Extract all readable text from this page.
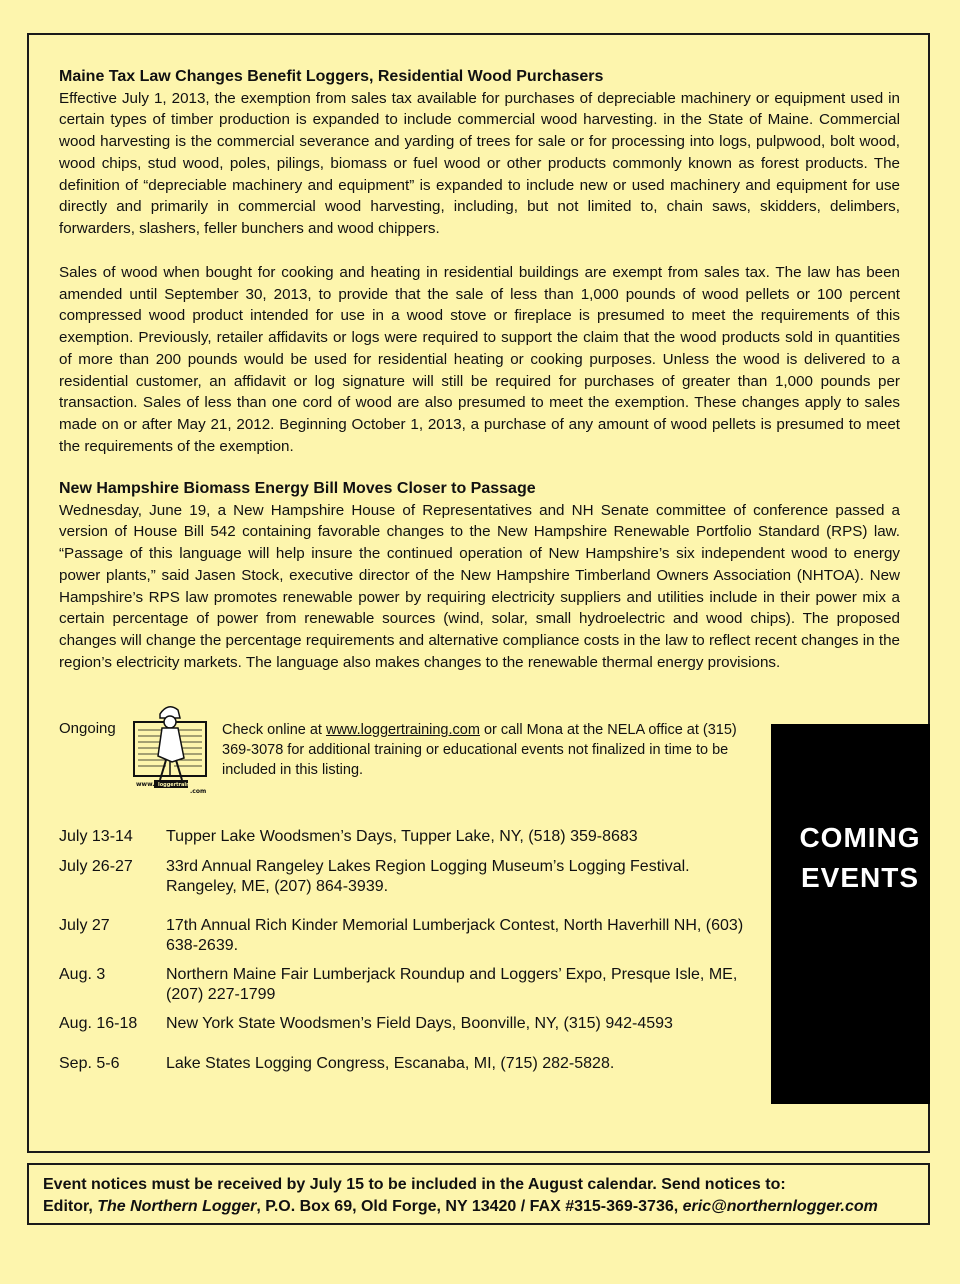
Maine Tax Law Changes Benefit Loggers, Residential Wood Purchasers

Effective July 1, 2013, the exemption from sales tax available for purchases of depreciable machinery or equipment used in certain types of timber production is expanded to include commercial wood harvesting. in the State of Maine. Commercial wood harvesting is the commercial severance and yarding of trees for sale or for processing into logs, pulpwood, bolt wood, wood chips, stud wood, poles, pilings, biomass or fuel wood or other products commonly known as forest products. The definition of “depreciable machinery and equipment” is expanded to include new or used machinery and equipment for use directly and primarily in commercial wood harvesting, including, but not limited to, chain saws, skidders, delimbers, forwarders, slashers, feller bunchers and wood chippers.

Sales of wood when bought for cooking and heating in residential buildings are exempt from sales tax. The law has been amended until September 30, 2013, to provide that the sale of less than 1,000 pounds of wood pellets or 100 percent compressed wood product intended for use in a wood stove or fireplace is presumed to meet the requirements of this exemption. Previously, retailer affidavits or logs were required to support the claim that the wood products sold in quantities of more than 200 pounds would be used for residential heating or cooking purposes. Unless the wood is delivered to a residential customer, an affidavit or log signature will still be required for purchases of greater than 1,000 pounds per transaction. Sales of less than one cord of wood are also presumed to meet the exemption. These changes apply to sales made on or after May 21, 2012. Beginning October 1, 2013, a purchase of any amount of wood pellets is presumed to meet the requirements of the exemption.

New Hampshire Biomass Energy Bill Moves Closer to Passage

Wednesday, June 19, a New Hampshire House of Representatives and NH Senate committee of conference passed a version of House Bill 542 containing favorable changes to the New Hampshire Renewable Portfolio Standard (RPS) law. “Passage of this language will help insure the continued operation of New Hampshire’s six independent wood to energy power plants,” said Jasen Stock, executive director of the New Hampshire Timberland Owners Association (NHTOA). New Hampshire’s RPS law promotes renewable power by requiring electricity suppliers and utilities include in their power mix a certain percentage of power from renewable sources (wind, solar, small hydroelectric and wood chips). The proposed changes will change the percentage requirements and alternative compliance costs in the law to reflect recent changes in the region’s electricity markets. The language also makes changes to the renewable thermal energy provisions.

Ongoing
www. loggertraining
.com
Check online at www.loggertraining.com or call Mona at the NELA office at (315) 369-3078 for additional training or educational events not finalized in time to be included in this listing.
COMING
EVENTS
July 13-14	Tupper Lake Woodsmen’s Days, Tupper Lake, NY, (518) 359-8683
July 26-27	33rd Annual Rangeley Lakes Region Logging Museum’s Logging Festival. Rangeley, ME, (207) 864-3939.
July 27	17th Annual Rich Kinder Memorial Lumberjack Contest, North Haverhill NH, (603) 638-2639.
Aug. 3	Northern Maine Fair Lumberjack Roundup and Loggers’ Expo, Presque Isle, ME, (207) 227-1799
Aug. 16-18	New York State Woodsmen’s Field Days, Boonville, NY, (315) 942-4593
Sep. 5-6	Lake States Logging Congress, Escanaba, MI, (715) 282-5828.
Event notices must be received by July 15 to be included in the August calendar. Send notices to:
Editor, The Northern Logger, P.O. Box 69, Old Forge, NY 13420 / FAX #315-369-3736, eric@northernlogger.com
